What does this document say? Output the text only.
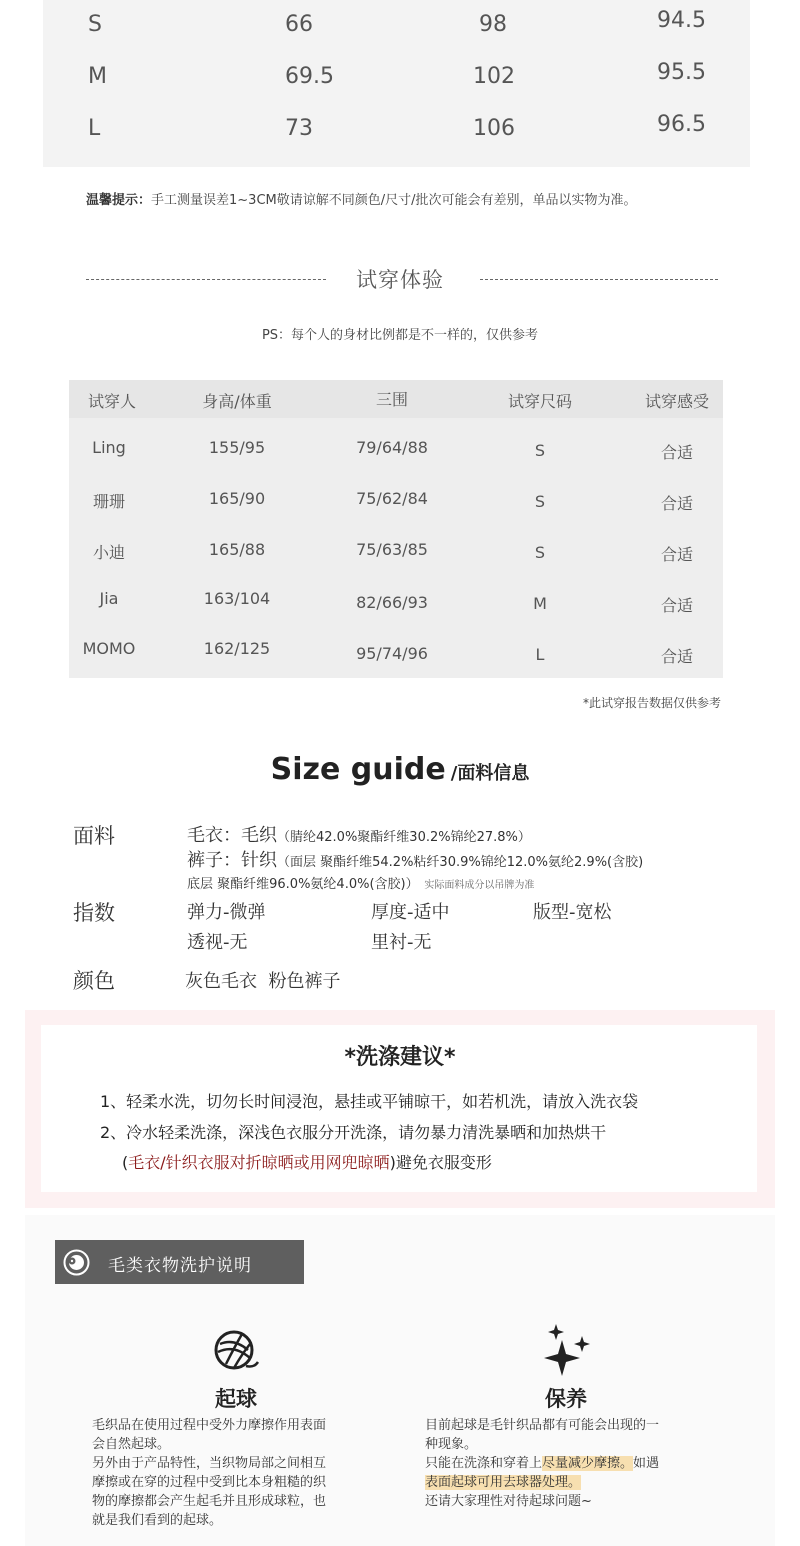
S	66	98	94.5
M	69.5	102	95.5
L	73	106	96.5
温馨提示：手工测量误差1~3CM敬请谅解不同颜色/尺寸/批次可能会有差别，单品以实物为准。
试穿体验
PS：每个人的身材比例都是不一样的，仅供参考
试穿人	身高/体重	三围	试穿尺码	试穿感受
Ling	155/95	79/64/88	S	合适
珊珊	165/90	75/62/84	S	合适
小迪	165/88	75/63/85	S	合适
Jia	163/104	82/66/93	M	合适
MOMO	162/125	95/74/96	L	合适
*此试穿报告数据仅供参考
Size guide /面料信息
面料	毛衣：毛织（腈纶42.0%聚酯纤维30.2%锦纶27.8%）
裤子：针织（面层 聚酯纤维54.2%粘纤30.9%锦纶12.0%氨纶2.9%(含胶)
底层 聚酯纤维96.0%氨纶4.0%(含胶)） 实际面料成分以吊牌为准
指数	弹力-微弹	厚度-适中	版型-宽松
透视-无	里衬-无
颜色	灰色毛衣  粉色裤子
*洗涤建议*
1、轻柔水洗，切勿长时间浸泡，悬挂或平铺晾干，如若机洗，请放入洗衣袋
2、冷水轻柔洗涤，深浅色衣服分开洗涤，请勿暴力清洗暴晒和加热烘干
(毛衣/针织衣服对折晾晒或用网兜晾晒)避免衣服变形
毛类衣物洗护说明
起球	保养
毛织品在使用过程中受外力摩擦作用表面
会自然起球。
另外由于产品特性，当织物局部之间相互
摩擦或在穿的过程中受到比本身粗糙的织
物的摩擦都会产生起毛并且形成球粒，也
就是我们看到的起球。
目前起球是毛针织品都有可能会出现的一
种现象。
只能在洗涤和穿着上尽量减少摩擦。如遇
表面起球可用去球器处理。
还请大家理性对待起球问题~
